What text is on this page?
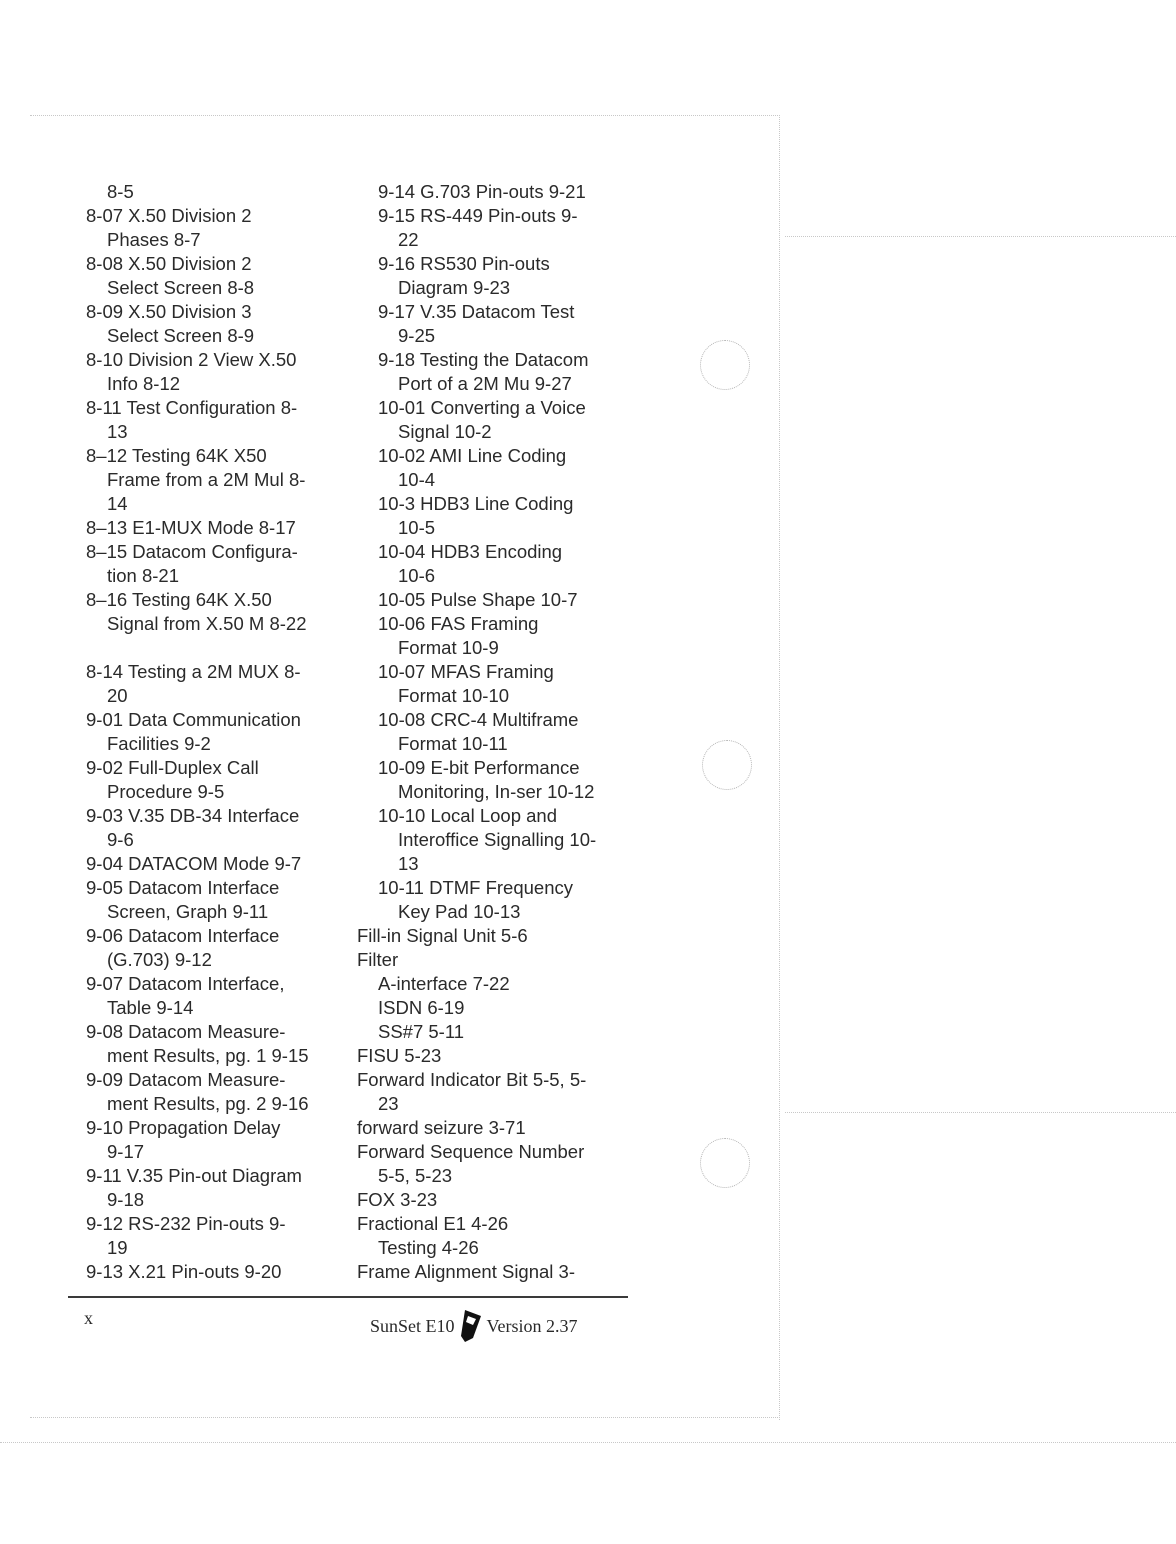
8-5
8-07 X.50 Division 2
Phases 8-7
8-08 X.50 Division 2
Select Screen 8-8
8-09 X.50 Division 3
Select Screen 8-9
8-10 Division 2 View X.50
Info 8-12
8-11 Test Configuration 8-
13
8–12 Testing 64K X50
Frame from a 2M Mul 8-
14
8–13 E1-MUX Mode 8-17
8–15 Datacom Configura-
tion 8-21
8–16 Testing 64K X.50
Signal from X.50 M 8-22
8-14 Testing a 2M MUX 8-
20
9-01 Data Communication
Facilities 9-2
9-02 Full-Duplex Call
Procedure 9-5
9-03 V.35 DB-34 Interface
9-6
9-04 DATACOM Mode 9-7
9-05 Datacom Interface
Screen, Graph 9-11
9-06 Datacom Interface
(G.703) 9-12
9-07 Datacom Interface,
Table 9-14
9-08 Datacom Measure-
ment Results, pg. 1 9-15
9-09 Datacom Measure-
ment Results, pg. 2 9-16
9-10 Propagation Delay
9-17
9-11 V.35 Pin-out Diagram
9-18
9-12 RS-232 Pin-outs 9-
19
9-13 X.21 Pin-outs 9-20
9-14 G.703 Pin-outs 9-21
9-15 RS-449 Pin-outs 9-
22
9-16 RS530 Pin-outs
Diagram 9-23
9-17 V.35 Datacom Test
9-25
9-18 Testing the Datacom
Port of a 2M Mu 9-27
10-01 Converting a Voice
Signal 10-2
10-02 AMI Line Coding
10-4
10-3 HDB3 Line Coding
10-5
10-04 HDB3 Encoding
10-6
10-05 Pulse Shape 10-7
10-06 FAS Framing
Format 10-9
10-07 MFAS Framing
Format 10-10
10-08 CRC-4 Multiframe
Format 10-11
10-09 E-bit Performance
Monitoring, In-ser 10-12
10-10 Local Loop and
Interoffice Signalling 10-
13
10-11 DTMF Frequency
Key Pad 10-13
Fill-in Signal Unit 5-6
Filter
A-interface 7-22
ISDN 6-19
SS#7 5-11
FISU 5-23
Forward Indicator Bit 5-5, 5-
23
forward seizure 3-71
Forward Sequence Number
5-5, 5-23
FOX 3-23
Fractional E1 4-26
Testing 4-26
Frame Alignment Signal 3-
x	SunSet E10 Version 2.37
